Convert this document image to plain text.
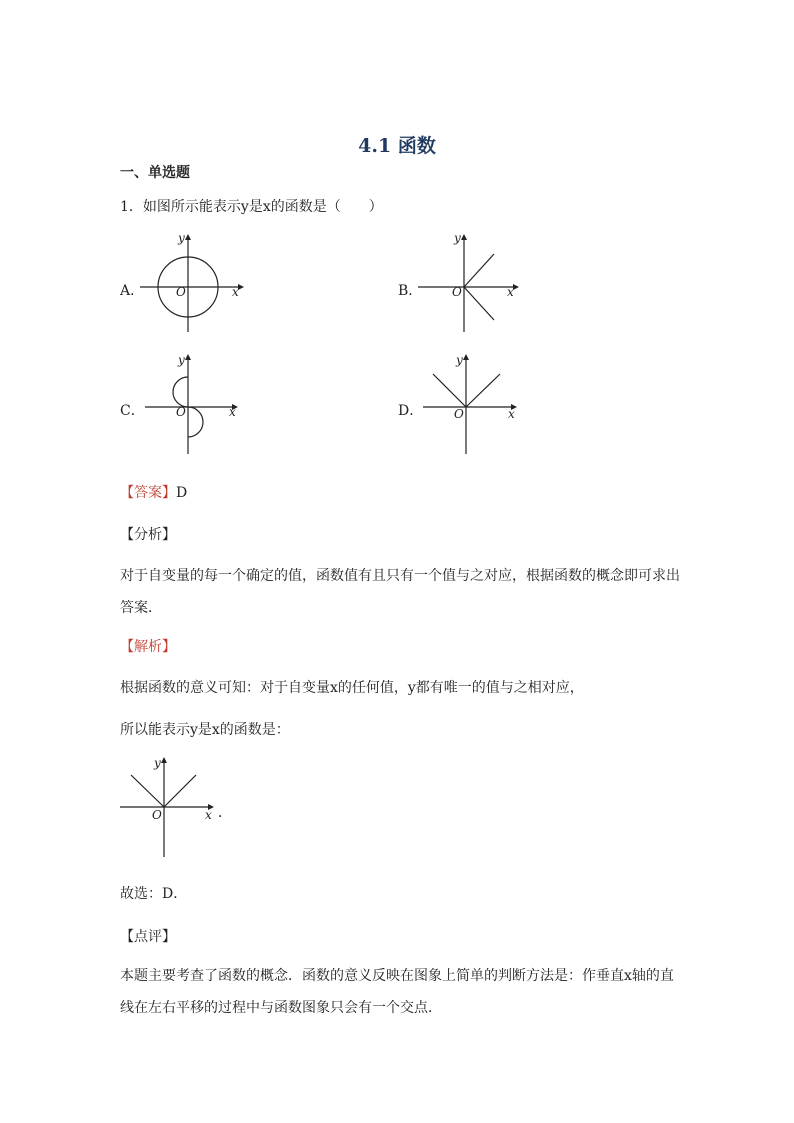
4.1 函数
一、单选题
1．如图所示能表示y是x的函数是（　　）
A．	O	x
y
B． O	x
y
C．	O	x
y
D．	O	x
y
【答案】D
【分析】
对于自变量的每一个确定的值，函数值有且只有一个值与之对应，根据函数的概念即可求出答案．
【解析】
根据函数的意义可知：对于自变量x的任何值，y都有唯一的值与之相对应，
所以能表示y是x的函数是：
O	x
y
．
故选：D．
【点评】
本题主要考查了函数的概念．函数的意义反映在图象上简单的判断方法是：作垂直x轴的直线在左右平移的过程中与函数图象只会有一个交点．
